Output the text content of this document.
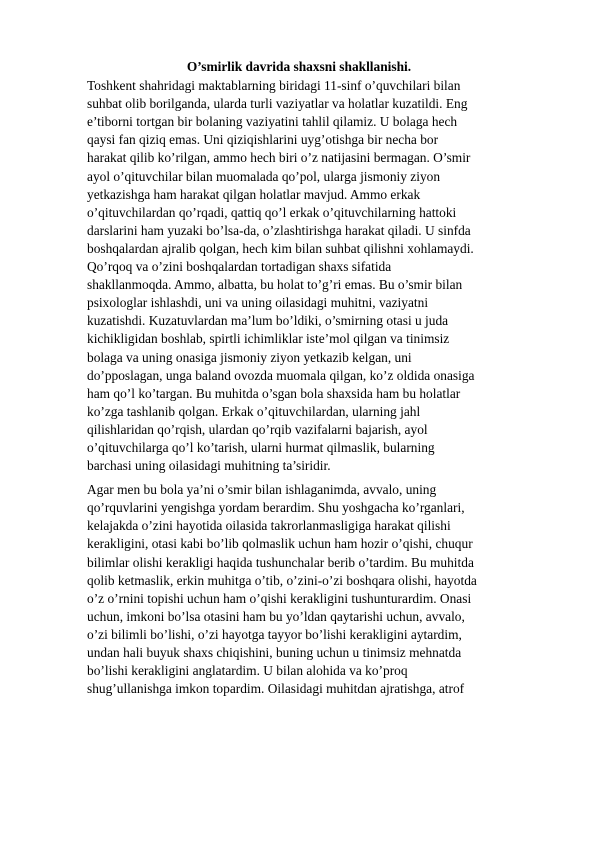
O’smirlik davrida shaxsni shakllanishi.

Toshkent shahridagi maktablarning biridagi 11-sinf o’quvchilari bilan
suhbat olib borilganda, ularda turli vaziyatlar va holatlar kuzatildi. Eng
e’tiborni tortgan bir bolaning vaziyatini tahlil qilamiz. U bolaga hech
qaysi fan qiziq emas. Uni qiziqishlarini uyg’otishga bir necha bor
harakat qilib ko’rilgan, ammo hech biri o’z natijasini bermagan. O’smir
ayol o’qituvchilar bilan muomalada qo’pol, ularga jismoniy ziyon
yetkazishga ham harakat qilgan holatlar mavjud. Ammo erkak
o’qituvchilardan qo’rqadi, qattiq qo’l erkak o’qituvchilarning hattoki
darslarini ham yuzaki bo’lsa-da, o’zlashtirishga harakat qiladi. U sinfda
boshqalardan ajralib qolgan, hech kim bilan suhbat qilishni xohlamaydi.
Qo’rqoq va o’zini boshqalardan tortadigan shaxs sifatida
shakllanmoqda. Ammo, albatta, bu holat to’g’ri emas. Bu o’smir bilan
psixologlar ishlashdi, uni va uning oilasidagi muhitni, vaziyatni
kuzatishdi. Kuzatuvlardan ma’lum bo’ldiki, o’smirning otasi u juda
kichikligidan boshlab, spirtli ichimliklar iste’mol qilgan va tinimsiz
bolaga va uning onasiga jismoniy ziyon yetkazib kelgan, uni
do’pposlagan, unga baland ovozda muomala qilgan, ko’z oldida onasiga
ham qo’l ko’targan. Bu muhitda o’sgan bola shaxsida ham bu holatlar
ko’zga tashlanib qolgan. Erkak o’qituvchilardan, ularning jahl
qilishlaridan qo’rqish, ulardan qo’rqib vazifalarni bajarish, ayol
o’qituvchilarga qo’l ko’tarish, ularni hurmat qilmaslik, bularning
barchasi uning oilasidagi muhitning ta’siridir.

Agar men bu bola ya’ni o’smir bilan ishlaganimda, avvalo, uning
qo’rquvlarini yengishga yordam berardim. Shu yoshgacha ko’rganlari,
kelajakda o’zini hayotida oilasida takrorlanmasligiga harakat qilishi
kerakligini, otasi kabi bo’lib qolmaslik uchun ham hozir o’qishi, chuqur
bilimlar olishi kerakligi haqida tushunchalar berib o’tardim. Bu muhitda
qolib ketmaslik, erkin muhitga o’tib, o’zini-o’zi boshqara olishi, hayotda
o’z o’rnini topishi uchun ham o’qishi kerakligini tushunturardim. Onasi
uchun, imkoni bo’lsa otasini ham bu yo’ldan qaytarishi uchun, avvalo,
o’zi bilimli bo’lishi, o’zi hayotga tayyor bo’lishi kerakligini aytardim,
undan hali buyuk shaxs chiqishini, buning uchun u tinimsiz mehnatda
bo’lishi kerakligini anglatardim. U bilan alohida va ko’proq
shug’ullanishga imkon topardim. Oilasidagi muhitdan ajratishga, atrof
